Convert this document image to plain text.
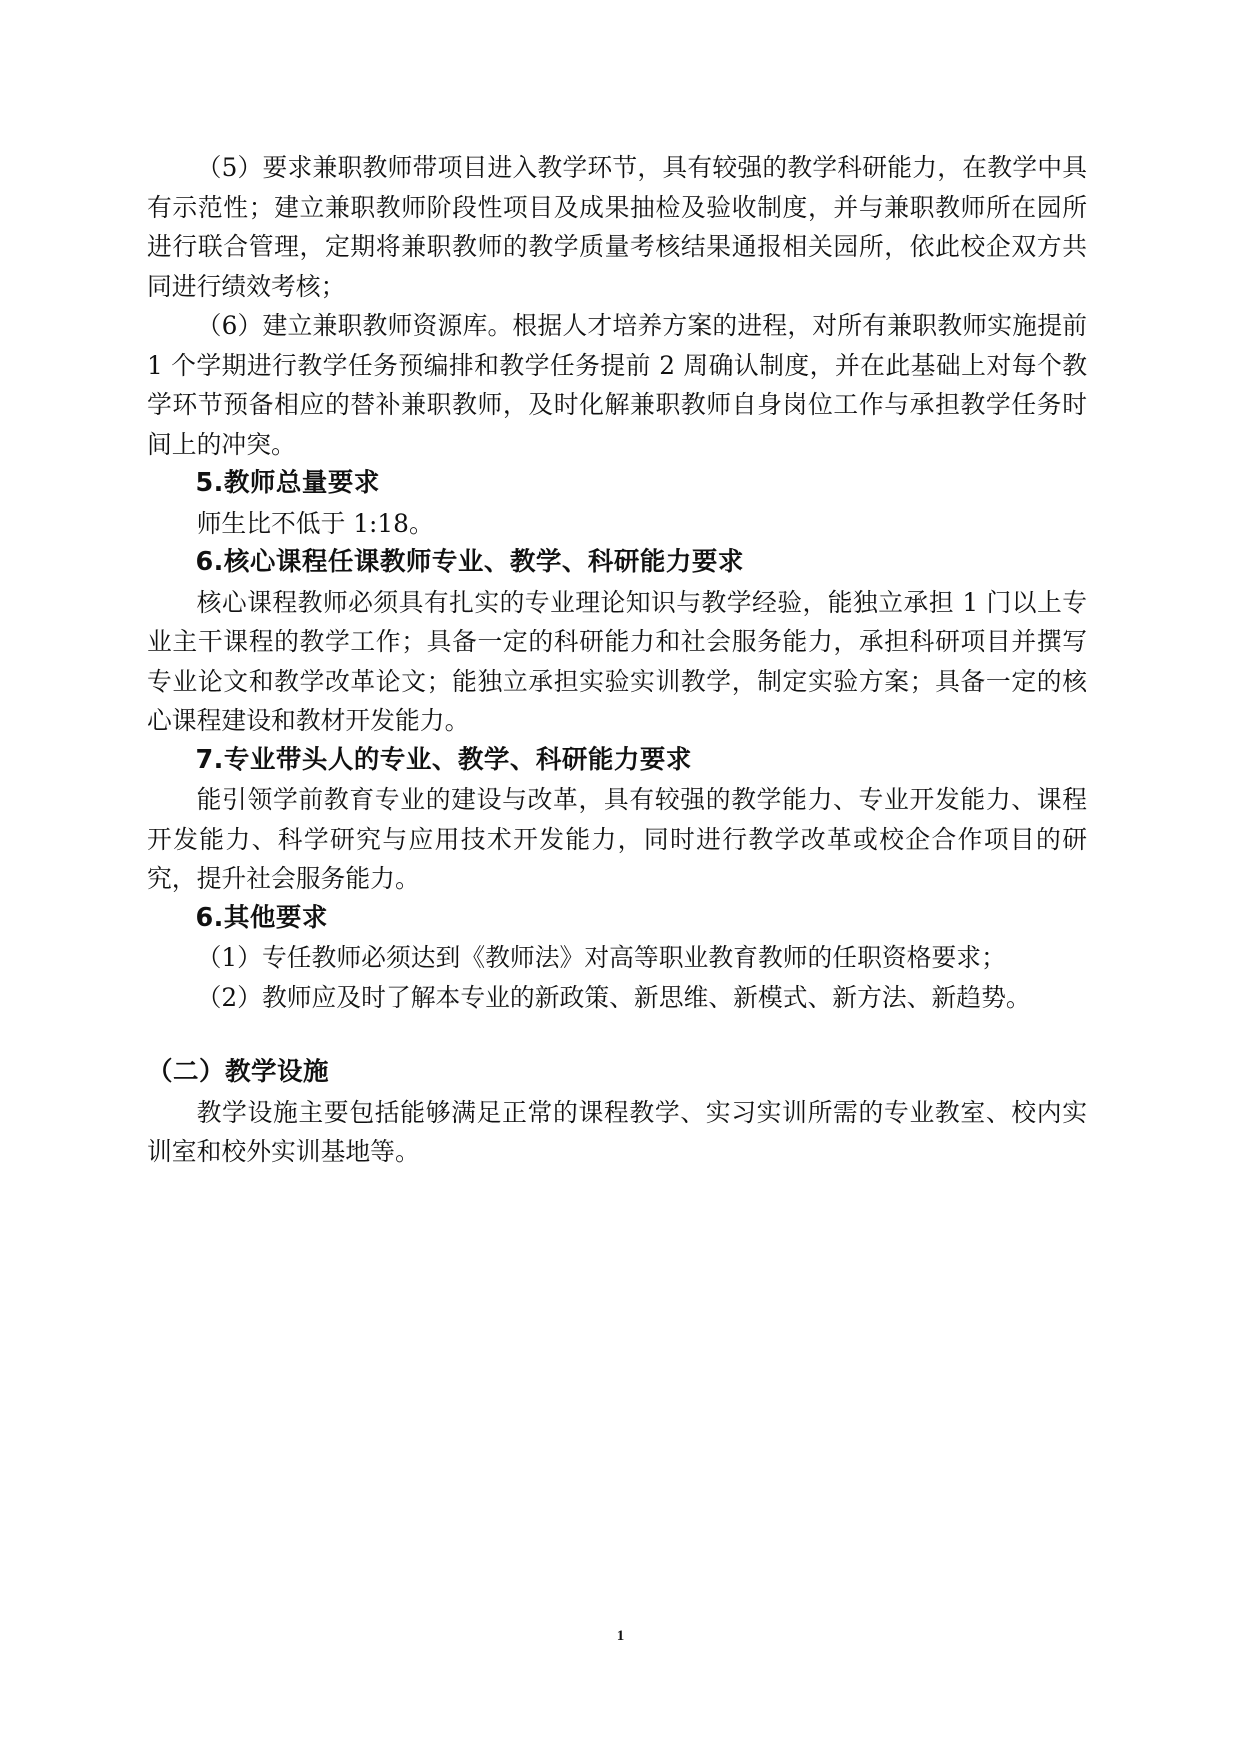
（5）要求兼职教师带项目进入教学环节，具有较强的教学科研能力，在教学中具有示范性；建立兼职教师阶段性项目及成果抽检及验收制度，并与兼职教师所在园所进行联合管理，定期将兼职教师的教学质量考核结果通报相关园所，依此校企双方共同进行绩效考核；

（6）建立兼职教师资源库。根据人才培养方案的进程，对所有兼职教师实施提前 1 个学期进行教学任务预编排和教学任务提前 2 周确认制度，并在此基础上对每个教学环节预备相应的替补兼职教师，及时化解兼职教师自身岗位工作与承担教学任务时间上的冲突。

5.教师总量要求

师生比不低于 1:18。

6.核心课程任课教师专业、教学、科研能力要求

核心课程教师必须具有扎实的专业理论知识与教学经验，能独立承担 1 门以上专业主干课程的教学工作；具备一定的科研能力和社会服务能力，承担科研项目并撰写专业论文和教学改革论文；能独立承担实验实训教学，制定实验方案；具备一定的核心课程建设和教材开发能力。

7.专业带头人的专业、教学、科研能力要求

能引领学前教育专业的建设与改革，具有较强的教学能力、专业开发能力、课程开发能力、科学研究与应用技术开发能力，同时进行教学改革或校企合作项目的研究，提升社会服务能力。

6.其他要求

（1）专任教师必须达到《教师法》对高等职业教育教师的任职资格要求；

（2）教师应及时了解本专业的新政策、新思维、新模式、新方法、新趋势。

（二）教学设施

教学设施主要包括能够满足正常的课程教学、实习实训所需的专业教室、校内实训室和校外实训基地等。

1
